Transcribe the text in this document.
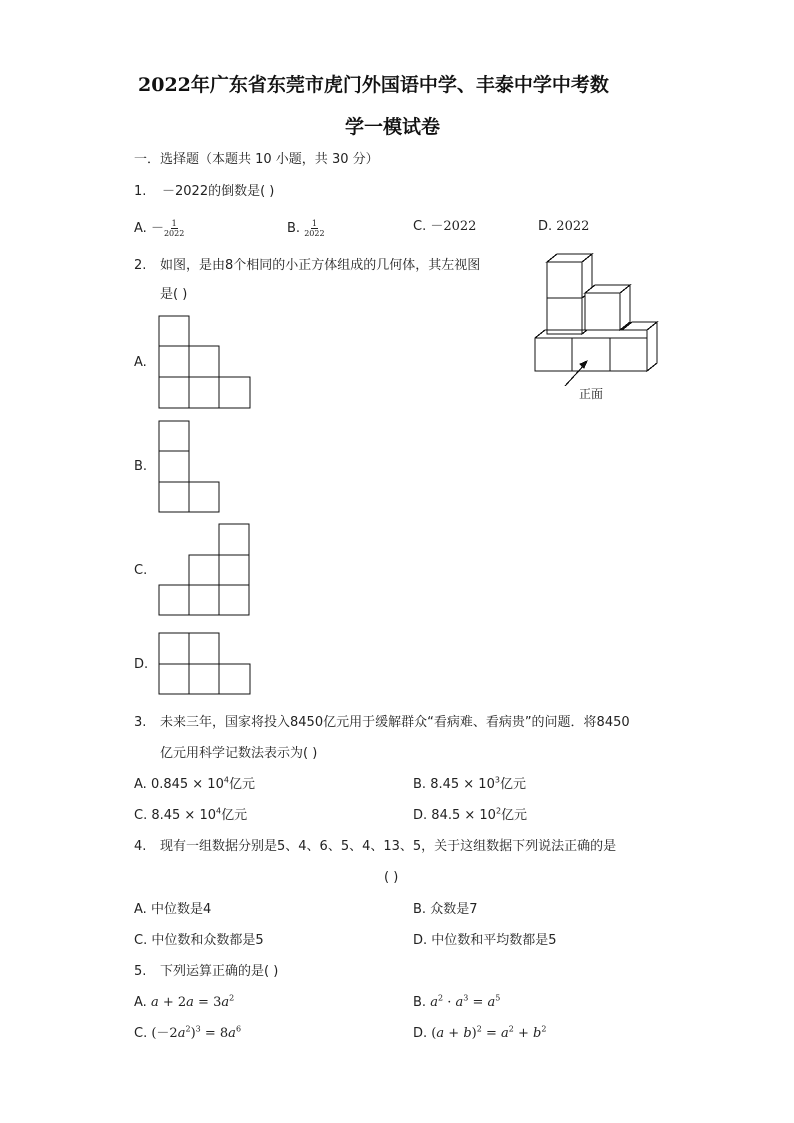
2022年广东省东莞市虎门外国语中学、丰泰中学中考数
学一模试卷
一．选择题（本题共 10 小题，共 30 分）
1. －2022的倒数是( )
A. － $\frac{1}{2022}$	B. $\frac{1}{2022}$	C. －2022	D. 2022
2. 如图，是由8个相同的小正方体组成的几何体，其左视图
是( )
正面
A.
B.
C.
D.
3. 未来三年，国家将投入8450亿元用于缓解群众“看病难、看病贵”的问题．将8450
亿元用科学记数法表示为( )
A. $0.845 \times 10^4$亿元	B. $8.45 \times 10^3$亿元
C. $8.45 \times 10^4$亿元	D. $84.5 \times 10^2$亿元
4. 现有一组数据分别是5、4、6、5、4、13、5，关于这组数据下列说法正确的是
( )
A. 中位数是4	B. 众数是7
C. 中位数和众数都是5	D. 中位数和平均数都是5
5. 下列运算正确的是( )
A. $a + 2a = 3a^2$	B. $a^2 \cdot a^3 = a^5$
C. $(-2a^2)^3 = 8a^6$	D. $(a + b)^2 = a^2 + b^2$
